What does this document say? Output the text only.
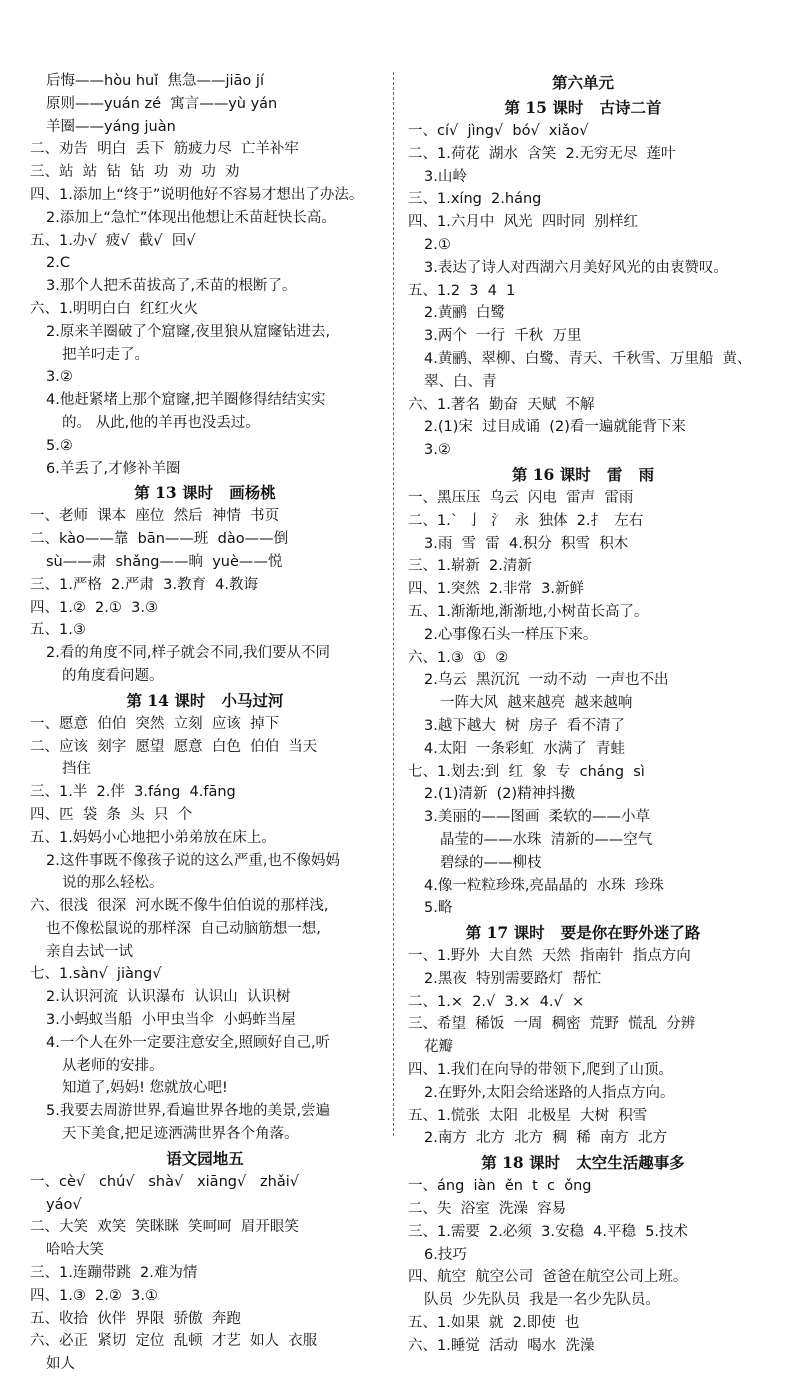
后悔——hòu huǐ  焦急——jiāo jí
原则——yuán zé  寓言——yù yán
羊圈——yáng juàn
二、劝告  明白  丢下  筋疲力尽  亡羊补牢
三、站  站  钻  钻  功  劝  功  劝
四、1.添加上“终于”说明他好不容易才想出了办法。
2.添加上“急忙”体现出他想让禾苗赶快长高。
五、1.办√  疲√  截√  回√
2.C
3.那个人把禾苗拔高了,禾苗的根断了。
六、1.明明白白  红红火火
2.原来羊圈破了个窟窿,夜里狼从窟窿钻进去,
把羊叼走了。
3.②
4.他赶紧堵上那个窟窿,把羊圈修得结结实实
的。 从此,他的羊再也没丢过。
5.②
6.羊丢了,才修补羊圈
第 13 课时   画杨桃
一、老师  课本  座位  然后  神情  书页
二、kào——靠  bān——班  dào——倒
sù——肃  shǎng——晌  yuè——悦
三、1.严格  2.严肃  3.教育  4.教诲
四、1.②  2.①  3.③
五、1.③
2.看的角度不同,样子就会不同,我们要从不同
的角度看问题。
第 14 课时   小马过河
一、愿意  伯伯  突然  立刻  应该  掉下
二、应该  刻字  愿望  愿意  白色  伯伯  当天
挡住
三、1.半  2.伴  3.fáng  4.fāng
四、匹  袋  条  头  只  个
五、1.妈妈小心地把小弟弟放在床上。
2.这件事既不像孩子说的这么严重,也不像妈妈
说的那么轻松。
六、很浅  很深  河水既不像牛伯伯说的那样浅,
也不像松鼠说的那样深  自己动脑筋想一想,
亲自去试一试
七、1.sàn√  jiàng√
2.认识河流  认识瀑布  认识山  认识树
3.小蚂蚁当船  小甲虫当伞  小蚂蚱当屋
4.一个人在外一定要注意安全,照顾好自己,听
从老师的安排。
知道了,妈妈! 您就放心吧!
5.我要去周游世界,看遍世界各地的美景,尝遍
天下美食,把足迹洒满世界各个角落。
语文园地五
一、cè√   chú√   shà√   xiāng√   zhǎi√
yáo√
二、大笑  欢笑  笑眯眯  笑呵呵  眉开眼笑
哈哈大笑
三、1.连蹦带跳  2.难为情
四、1.③  2.②  3.①
五、收拾  伙伴  界限  骄傲  奔跑
六、必正  紧切  定位  乱顿  才艺  如人  衣服
如人
第六单元
第 15 课时   古诗二首
一、cí√  jìng√  bó√  xiǎo√
二、1.荷花  湖水  含笑  2.无穷无尽  莲叶
3.山岭
三、1.xíng  2.háng
四、1.六月中  风光  四时同  别样红
2.①
3.表达了诗人对西湖六月美好风光的由衷赞叹。
五、1.2  3  4  1
2.黄鹂  白鹭
3.两个  一行  千秋  万里
4.黄鹂、翠柳、白鹭、青天、千秋雪、万里船  黄、
翠、白、青
六、1.著名  勤奋  天赋  不解
2.(1)宋  过目成诵  (2)看一遍就能背下来
3.②
第 16 课时   雷   雨
一、黑压压  乌云  闪电  雷声  雷雨
二、1.`  亅  氵  永  独体  2.扌  左右
3.雨  雪  雷  4.积分  积雪  积木
三、1.崭新  2.清新
四、1.突然  2.非常  3.新鲜
五、1.渐渐地,渐渐地,小树苗长高了。
2.心事像石头一样压下来。
六、1.③  ①  ②
2.乌云  黑沉沉  一动不动  一声也不出
一阵大风  越来越亮  越来越响
3.越下越大  树  房子  看不清了
4.太阳  一条彩虹  水满了  青蛙
七、1.划去:到  红  象  专  cháng  sì
2.(1)清新  (2)精神抖擞
3.美丽的——图画  柔软的——小草
晶莹的——水珠  清新的——空气
碧绿的——柳枝
4.像一粒粒珍珠,亮晶晶的  水珠  珍珠
5.略
第 17 课时   要是你在野外迷了路
一、1.野外  大自然  天然  指南针  指点方向
2.黑夜  特别需要路灯  帮忙
二、1.×  2.√  3.×  4.√  ×
三、希望  稀饭  一周  稠密  荒野  慌乱  分辨
花瓣
四、1.我们在向导的带领下,爬到了山顶。
2.在野外,太阳会给迷路的人指点方向。
五、1.慌张  太阳  北极星  大树  积雪
2.南方  北方  北方  稠  稀  南方  北方
第 18 课时   太空生活趣事多
一、áng  iàn  ěn  t  c  ǒng
二、失  浴室  洗澡  容易
三、1.需要  2.必须  3.安稳  4.平稳  5.技术
6.技巧
四、航空  航空公司  爸爸在航空公司上班。
队员  少先队员  我是一名少先队员。
五、1.如果  就  2.即使  也
六、1.睡觉  活动  喝水  洗澡
